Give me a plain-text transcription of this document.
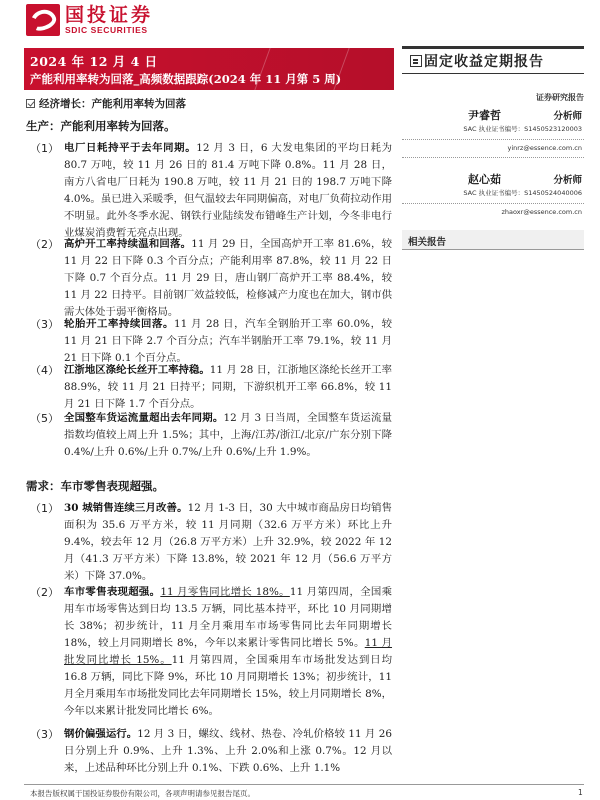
国投证券
SDIC SECURITIES
2024 年 12 月 4 日
产能利用率转为回落_高频数据跟踪(2024 年 11 月第 5 周)
固定收益定期报告
证券研究报告
尹睿哲	分析师
SAC 执业证书编号：S1450523120003
yinrz@essence.com.cn
赵心茹	分析师
SAC 执业证书编号：S1450524040006
zhaoxr@essence.com.cn
相关报告
经济增长：产能利用率转为回落
生产：产能利用率转为回落。
（1） 电厂日耗持平于去年同期。12 月 3 日，6 大发电集团的平均日耗为 80.7 万吨，较 11 月 26 日的 81.4 万吨下降 0.8%。11 月 28 日，南方八省电厂日耗为 190.8 万吨，较 11 月 21 日的 198.7 万吨下降 4.0%。虽已进入采暖季，但气温较去年同期偏高，对电厂负荷拉动作用不明显。此外冬季水泥、钢铁行业陆续发布错峰生产计划，今冬非电行业煤炭消费暂无亮点出现。
（2） 高炉开工率持续温和回落。11 月 29 日，全国高炉开工率 81.6%，较 11 月 22 日下降 0.3 个百分点；产能利用率 87.8%，较 11 月 22 日下降 0.7 个百分点。11 月 29 日，唐山钢厂高炉开工率 88.4%，较 11 月 22 日持平。目前钢厂效益较低，检修减产力度也在加大，钢市供需大体处于弱平衡格局。
（3） 轮胎开工率持续回落。11 月 28 日，汽车全钢胎开工率 60.0%，较 11 月 21 日下降 2.7 个百分点；汽车半钢胎开工率 79.1%，较 11 月 21 日下降 0.1 个百分点。
（4） 江浙地区涤纶长丝开工率持稳。11 月 28 日，江浙地区涤纶长丝开工率 88.9%，较 11 月 21 日持平；同期，下游织机开工率 66.8%，较 11 月 21 日下降 1.7 个百分点。
（5） 全国整车货运流量超出去年同期。12 月 3 日当周，全国整车货运流量指数均值较上周上升 1.5%；其中，上海/江苏/浙江/北京/广东分别下降 0.4%/上升 0.6%/上升 0.7%/上升 0.6%/上升 1.9%。
需求：车市零售表现超强。
（1） 30 城销售连续三月改善。12 月 1-3 日，30 大中城市商品房日均销售面积为 35.6 万平方米，较 11 月同期（32.6 万平方米）环比上升 9.4%，较去年 12 月（26.8 万平方米）上升 32.9%，较 2022 年 12 月（41.3 万平方米）下降 13.8%，较 2021 年 12 月（56.6 万平方米）下降 37.0%。
（2） 车市零售表现超强。11 月零售同比增长 18%。11 月第四周，全国乘用车市场零售达到日均 13.5 万辆，同比基本持平，环比 10 月同期增长 38%；初步统计，11 月全月乘用车市场零售同比去年同期增长 18%，较上月同期增长 8%，今年以来累计零售同比增长 5%。11 月批发同比增长 15%。11 月第四周，全国乘用车市场批发达到日均 16.8 万辆，同比下降 9%，环比 10 月同期增长 13%；初步统计，11 月全月乘用车市场批发同比去年同期增长 15%，较上月同期增长 8%，今年以来累计批发同比增长 6%。
（3） 钢价偏强运行。12 月 3 日，螺纹、线材、热卷、冷轧价格较 11 月 26 日分别上升 0.9%、上升 1.3%、上升 2.0%和上涨 0.7%。12 月以来，上述品种环比分别上升 0.1%、下跌 0.6%、上升 1.1%
本报告版权属于国投证券股份有限公司，各项声明请参见报告尾页。	1
